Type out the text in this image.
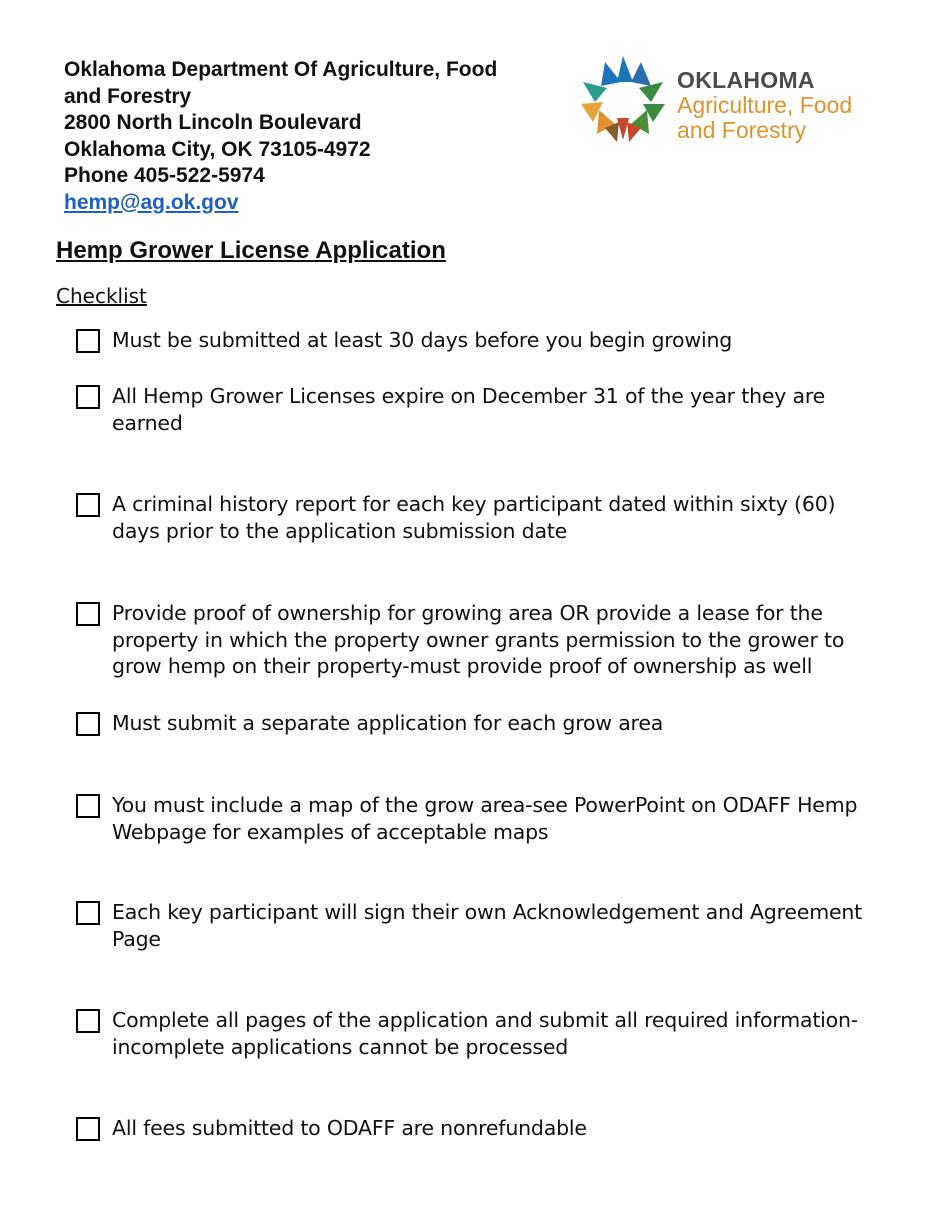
Oklahoma Department Of Agriculture, Food
and Forestry
2800 North Lincoln Boulevard
Oklahoma City, OK 73105-4972
Phone 405-522-5974
hemp@ag.ok.gov
OKLAHOMA
Agriculture, Food
and Forestry
Hemp Grower License Application
Checklist
Must be submitted at least 30 days before you begin growing
All Hemp Grower Licenses expire on December 31 of the year they are earned
A criminal history report for each key participant dated within sixty (60) days prior to the application submission date
Provide proof of ownership for growing area OR provide a lease for the property in which the property owner grants permission to the grower to grow hemp on their property-must provide proof of ownership as well
Must submit a separate application for each grow area
You must include a map of the grow area-see PowerPoint on ODAFF Hemp Webpage for examples of acceptable maps
Each key participant will sign their own Acknowledgement and Agreement Page
Complete all pages of the application and submit all required information-incomplete applications cannot be processed
All fees submitted to ODAFF are nonrefundable
